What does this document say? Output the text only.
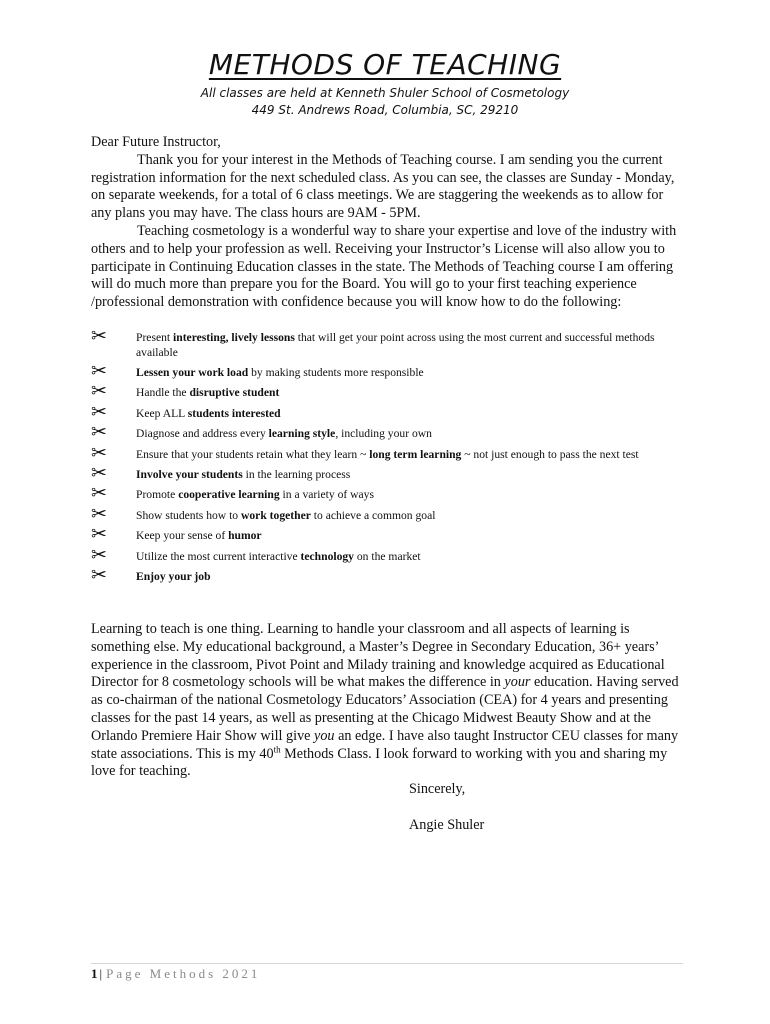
METHODS OF TEACHING
All classes are held at Kenneth Shuler School of Cosmetology
449 St. Andrews Road, Columbia, SC, 29210

Dear Future Instructor,

Thank you for your interest in the Methods of Teaching course. I am sending you the current registration information for the next scheduled class. As you can see, the classes are Sunday - Monday, on separate weekends, for a total of 6 class meetings. We are staggering the weekends as to allow for any plans you may have. The class hours are 9AM - 5PM.

Teaching cosmetology is a wonderful way to share your expertise and love of the industry with others and to help your profession as well. Receiving your Instructor’s License will also allow you to participate in Continuing Education classes in the state. The Methods of Teaching course I am offering will do much more than prepare you for the Board. You will go to your first teaching experience /professional demonstration with confidence because you will know how to do the following:

✂	Present interesting, lively lessons that will get your point across using the most current and successful methods available
✂	Lessen your work load by making students more responsible
✂	Handle the disruptive student
✂	Keep ALL students interested
✂	Diagnose and address every learning style, including your own
✂	Ensure that your students retain what they learn ~ long term learning ~ not just enough to pass the next test
✂	Involve your students in the learning process
✂	Promote cooperative learning in a variety of ways
✂	Show students how to work together to achieve a common goal
✂	Keep your sense of humor
✂	Utilize the most current interactive technology on the market
✂	Enjoy your job

Learning to teach is one thing. Learning to handle your classroom and all aspects of learning is something else. My educational background, a Master’s Degree in Secondary Education, 36+ years’ experience in the classroom, Pivot Point and Milady training and knowledge acquired as Educational Director for 8 cosmetology schools will be what makes the difference in your education. Having served as co-chairman of the national Cosmetology Educators’ Association (CEA) for 4 years and presenting classes for the past 14 years, as well as presenting at the Chicago Midwest Beauty Show and at the Orlando Premiere Hair Show will give you an edge. I have also taught Instructor CEU classes for many state associations. This is my 40th Methods Class. I look forward to working with you and sharing my love for teaching.

Sincerely,
Angie Shuler
1 | Page Methods 2021
